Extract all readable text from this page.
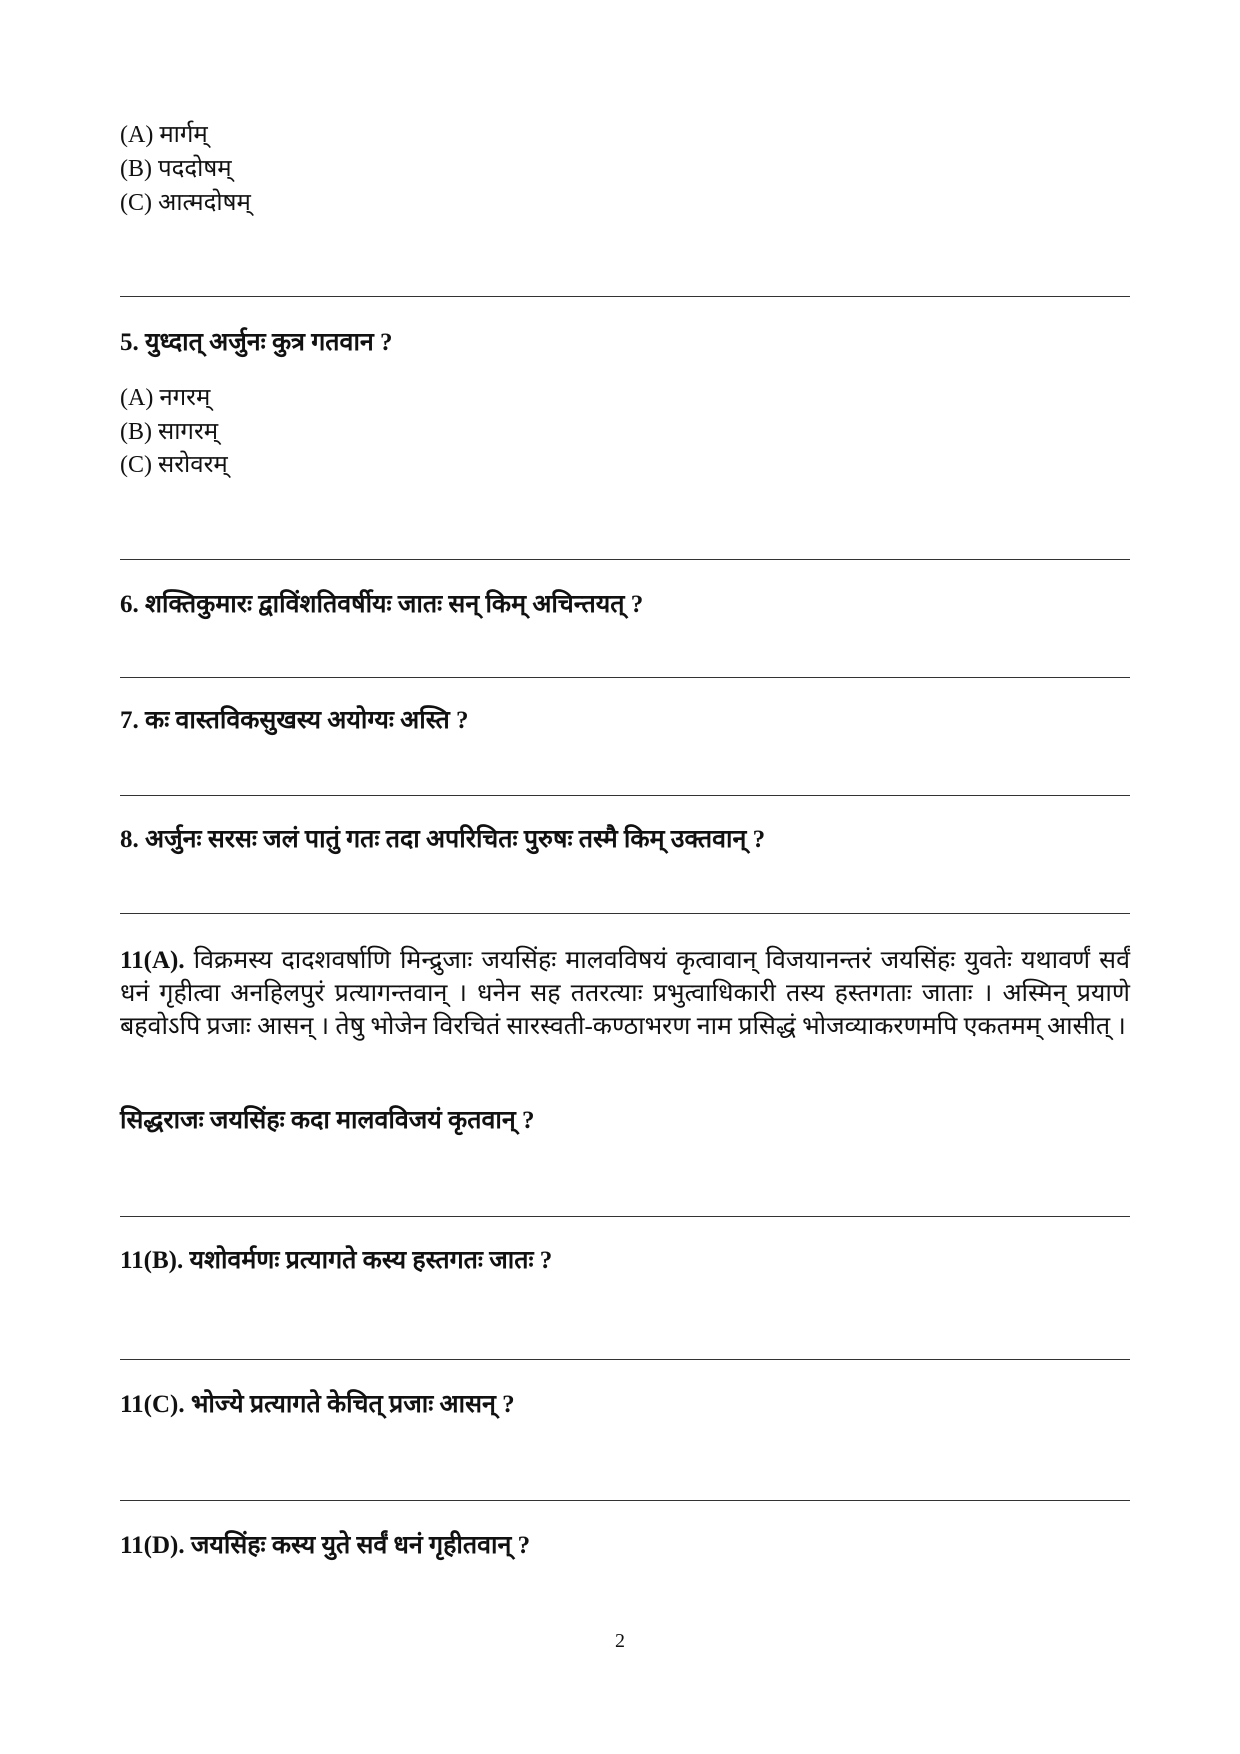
(A) मार्गम्
(B) पददोषम्
(C) आत्मदोषम्
5. युध्दात् अर्जुनः कुत्र गतवान ?
(A) नगरम्
(B) सागरम्
(C) सरोवरम्
6. शक्तिकुमारः द्वाविंशतिवर्षीयः जातः सन् किम् अचिन्तयत् ?
7. कः वास्तविकसुखस्य अयोग्यः अस्ति ?
8. अर्जुनः सरसः जलं पातुं गतः तदा अपरिचितः पुरुषः तस्मै किम् उक्तवान् ?
11(A). विक्रमस्य दादशवर्षाणि मिन्द्रुजाः जयसिंहः मालवविषयं कृत्वावान् विजयानन्तरं जयसिंहः युवतेः यथावर्णं सर्वं धनं गृहीत्वा अनहिलपुरं प्रत्यागन्तवान् । धनेन सह ततरत्याः प्रभुत्वाधिकारी तस्य हस्तगताः जाताः । अस्मिन् प्रयाणे बहवोऽपि प्रजाः आसन् । तेषु भोजेन विरचितं सारस्वती-कण्ठाभरण नाम प्रसिद्धं भोजव्याकरणमपि एकतमम् आसीत् ।
सिद्धराजः जयसिंहः कदा मालवविजयं कृतवान् ?
11(B). यशोवर्मणः प्रत्यागते कस्य हस्तगतः जातः ?
11(C). भोज्ये प्रत्यागते केचित् प्रजाः आसन् ?
11(D). जयसिंहः कस्य युते सर्वं धनं गृहीतवान् ?
2
